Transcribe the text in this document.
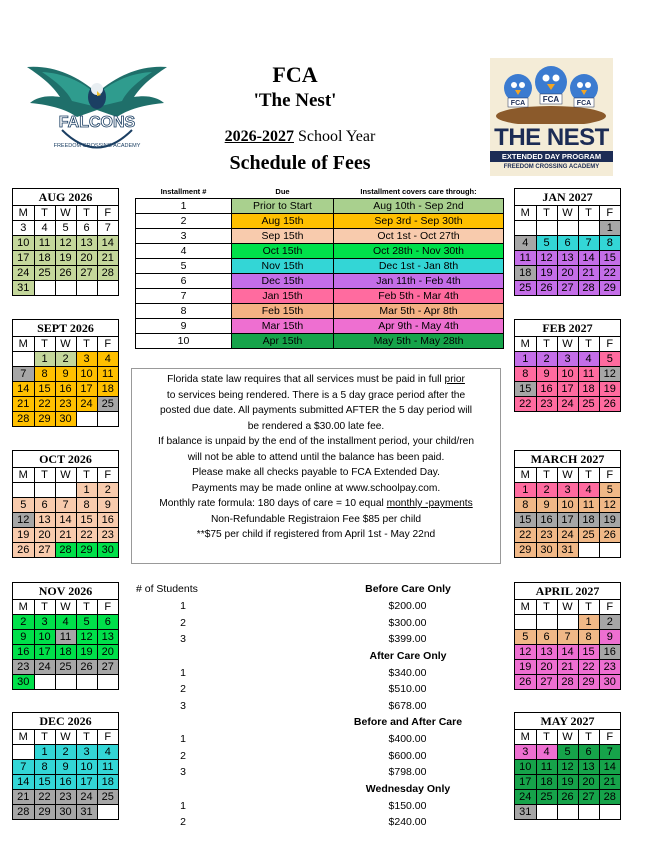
FCA
'The Nest'
2026-2027 School Year
Schedule of Fees
FALCONS
FREEDOM CROSSING ACADEMY
FCA FCA	FCA
THE NEST
EXTENDED DAY PROGRAM
FREEDOM CROSSING ACADEMY
AUG 2026
M	T	W	T	F
3	4	5	6	7
10	11	12	13	14
17	18	19	20	21
24	25	26	27	28
31				
SEPT 2026
M	T	W	T	F
	1	2	3	4
7	8	9	10	11
14	15	16	17	18
21	22	23	24	25
28	29	30		
OCT 2026
M	T	W	T	F
			1	2
5	6	7	8	9
12	13	14	15	16
19	20	21	22	23
26	27	28	29	30
NOV 2026
M	T	W	T	F
2	3	4	5	6
9	10	11	12	13
16	17	18	19	20
23	24	25	26	27
30				
DEC 2026
M	T	W	T	F
	1	2	3	4
7	8	9	10	11
14	15	16	17	18
21	22	23	24	25
28	29	30	31	
JAN 2027
M	T	W	T	F
				1
4	5	6	7	8
11	12	13	14	15
18	19	20	21	22
25	26	27	28	29
FEB 2027
M	T	W	T	F
1	2	3	4	5
8	9	10	11	12
15	16	17	18	19
22	23	24	25	26
MARCH 2027
M	T	W	T	F
1	2	3	4	5
8	9	10	11	12
15	16	17	18	19
22	23	24	25	26
29	30	31		
APRIL 2027
M	T	W	T	F
			1	2
5	6	7	8	9
12	13	14	15	16
19	20	21	22	23
26	27	28	29	30
MAY 2027
M	T	W	T	F
3	4	5	6	7
10	11	12	13	14
17	18	19	20	21
24	25	26	27	28
31				
Installment #	Due	Installment covers care through:
1	Prior to Start	Aug 10th - Sep 2nd
2	Aug 15th	Sep 3rd - Sep 30th
3	Sep 15th	Oct 1st - Oct 27th
4	Oct 15th	Oct 28th - Nov 30th
5	Nov 15th	Dec 1st - Jan 8th
6	Dec 15th	Jan 11th - Feb 4th
7	Jan 15th	Feb 5th - Mar 4th
8	Feb 15th	Mar 5th - Apr 8th
9	Mar 15th	Apr 9th - May 4th
10	Apr 15th	May 5th - May 28th
Florida state law requires that all services must be paid in full prior
to services being rendered. There is a 5 day grace period after the
posted due date. All payments submitted AFTER the 5 day period will
be rendered a $30.00 late fee.
If balance is unpaid by the end of the installment period, your child/ren
will not be able to attend until the balance has been paid.
Please make all checks payable to FCA Extended Day.
Payments may be made online at www.schoolpay.com.
Monthly rate formula: 180 days of care = 10 equal monthly -payments
Non-Refundable Registraion Fee $85 per child
**$75 per child if registered from April 1st - May 22nd
# of Students	Before Care Only
1	$200.00
2	$300.00
3	$399.00
After Care Only
1	$340.00
2	$510.00
3	$678.00
Before and After Care
1	$400.00
2	$600.00
3	$798.00
Wednesday Only
1	$150.00
2	$240.00
